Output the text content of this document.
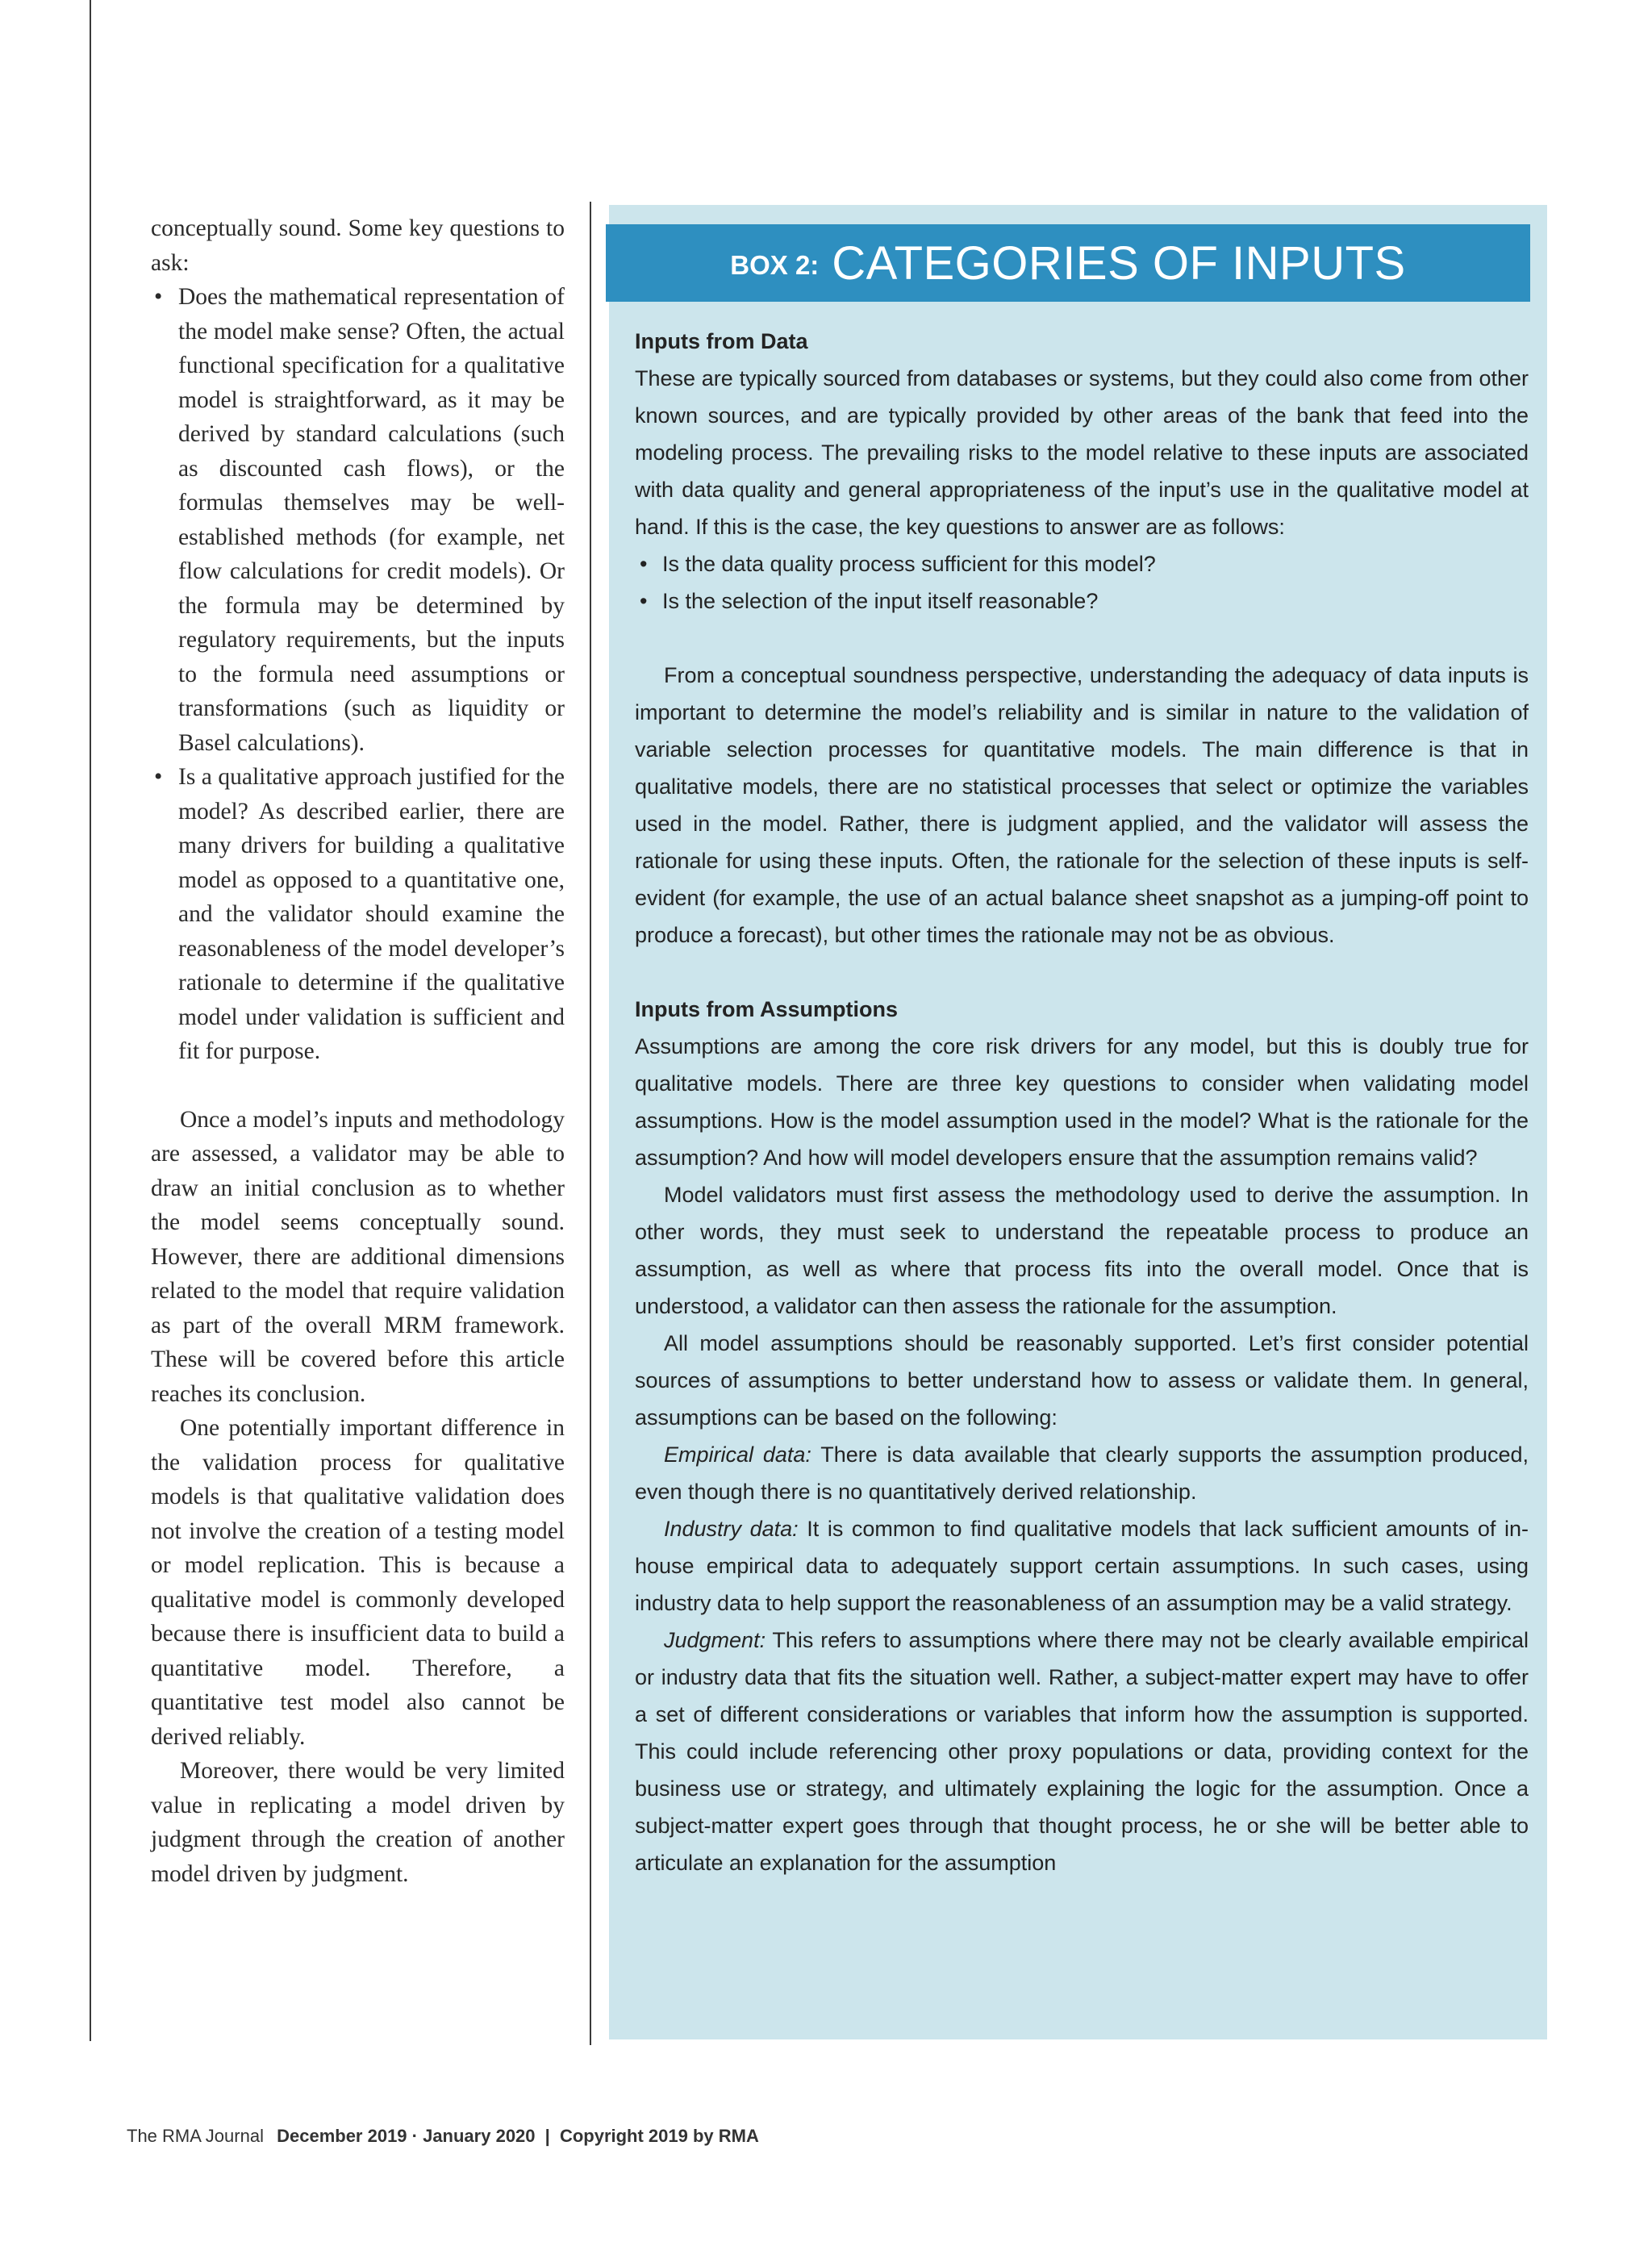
conceptually sound. Some key questions to ask:

• Does the mathematical representation of the model make sense? Often, the actual functional specification for a qualitative model is straightforward, as it may be derived by standard calculations (such as discounted cash flows), or the formulas themselves may be well-established methods (for example, net flow calculations for credit models). Or the formula may be determined by regulatory requirements, but the inputs to the formula need assumptions or transformations (such as liquidity or Basel calculations).
• Is a qualitative approach justified for the model? As described earlier, there are many drivers for building a qualitative model as opposed to a quantitative one, and the validator should examine the reasonableness of the model developer’s rationale to determine if the qualitative model under validation is sufficient and fit for purpose.

Once a model’s inputs and methodology are assessed, a validator may be able to draw an initial conclusion as to whether the model seems conceptually sound. However, there are additional dimensions related to the model that require validation as part of the overall MRM framework. These will be covered before this article reaches its conclusion.

One potentially important difference in the validation process for qualitative models is that qualitative validation does not involve the creation of a testing model or model replication. This is because a qualitative model is commonly developed because there is insufficient data to build a quantitative model. Therefore, a quantitative test model also cannot be derived reliably.

Moreover, there would be very limited value in replicating a model driven by judgment through the creation of another model driven by judgment.

BOX 2: CATEGORIES OF INPUTS

Inputs from Data

These are typically sourced from databases or systems, but they could also come from other known sources, and are typically provided by other areas of the bank that feed into the modeling process. The prevailing risks to the model relative to these inputs are associated with data quality and general appropriateness of the input’s use in the qualitative model at hand. If this is the case, the key questions to answer are as follows:

• Is the data quality process sufficient for this model?
• Is the selection of the input itself reasonable?

From a conceptual soundness perspective, understanding the adequacy of data inputs is important to determine the model’s reliability and is similar in nature to the validation of variable selection processes for quantitative models. The main difference is that in qualitative models, there are no statistical processes that select or optimize the variables used in the model. Rather, there is judgment applied, and the validator will assess the rationale for using these inputs. Often, the rationale for the selection of these inputs is self-evident (for example, the use of an actual balance sheet snapshot as a jumping-off point to produce a forecast), but other times the rationale may not be as obvious.

Inputs from Assumptions

Assumptions are among the core risk drivers for any model, but this is doubly true for qualitative models. There are three key questions to consider when validating model assumptions. How is the model assumption used in the model? What is the rationale for the assumption? And how will model developers ensure that the assumption remains valid?

Model validators must first assess the methodology used to derive the assumption. In other words, they must seek to understand the repeatable process to produce an assumption, as well as where that process fits into the overall model. Once that is understood, a validator can then assess the rationale for the assumption.

All model assumptions should be reasonably supported. Let’s first consider potential sources of assumptions to better understand how to assess or validate them. In general, assumptions can be based on the following:

Empirical data: There is data available that clearly supports the assumption produced, even though there is no quantitatively derived relationship.

Industry data: It is common to find qualitative models that lack sufficient amounts of in-house empirical data to adequately support certain assumptions. In such cases, using industry data to help support the reasonableness of an assumption may be a valid strategy.

Judgment: This refers to assumptions where there may not be clearly available empirical or industry data that fits the situation well. Rather, a subject-matter expert may have to offer a set of different considerations or variables that inform how the assumption is supported. This could include referencing other proxy populations or data, providing context for the business use or strategy, and ultimately explaining the logic for the assumption. Once a subject-matter expert goes through that thought process, he or she will be better able to articulate an explanation for the assumption

The RMA Journal December 2019 · January 2020 | Copyright 2019 by RMA
